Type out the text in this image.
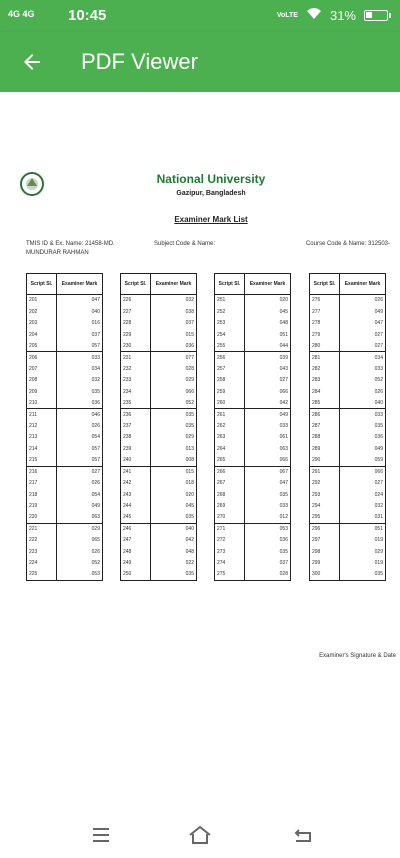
4G 4G 10:45	VoLTE 31%
PDF Viewer
National University
Gazipur, Bangladesh
Examiner Mark List
TMIS ID & Ex. Name: 21458-MD.
MUNDURAR RAHMAN
Subject Code & Name:	Course Code & Name: 312503-
Script Sl.	Examiner Mark
201	047
202	040
203	016
204	037
205	057
206	033
207	034
208	032
209	035
210	036
211	046
212	026
213	054
214	057
215	057
216	027
217	026
218	054
219	049
220	063
221	029
222	065
223	026
224	052
225	053
Script Sl.	Examiner Mark
226	032
227	038
228	037
229	015
230	036
231	077
232	028
233	029
234	066
235	052
236	035
237	035
238	029
239	013
240	008
241	015
242	018
243	020
244	045
245	035
246	040
247	042
248	048
249	022
250	035
Script Sl.	Examiner Mark
251	020
252	045
253	048
254	051
255	044
256	039
257	043
258	027
259	066
260	042
261	049
262	033
263	061
264	063
265	066
266	067
267	047
268	035
269	033
270	012
271	053
272	036
273	035
274	037
275	028
Script Sl.	Examiner Mark
276	026
277	049
278	047
279	027
280	027
281	034
282	033
283	052
284	026
285	040
286	033
287	035
288	036
289	049
290	059
291	066
292	027
293	024
294	032
295	031
296	051
297	019
298	029
299	019
300	035
Examiner's Signature & Date
